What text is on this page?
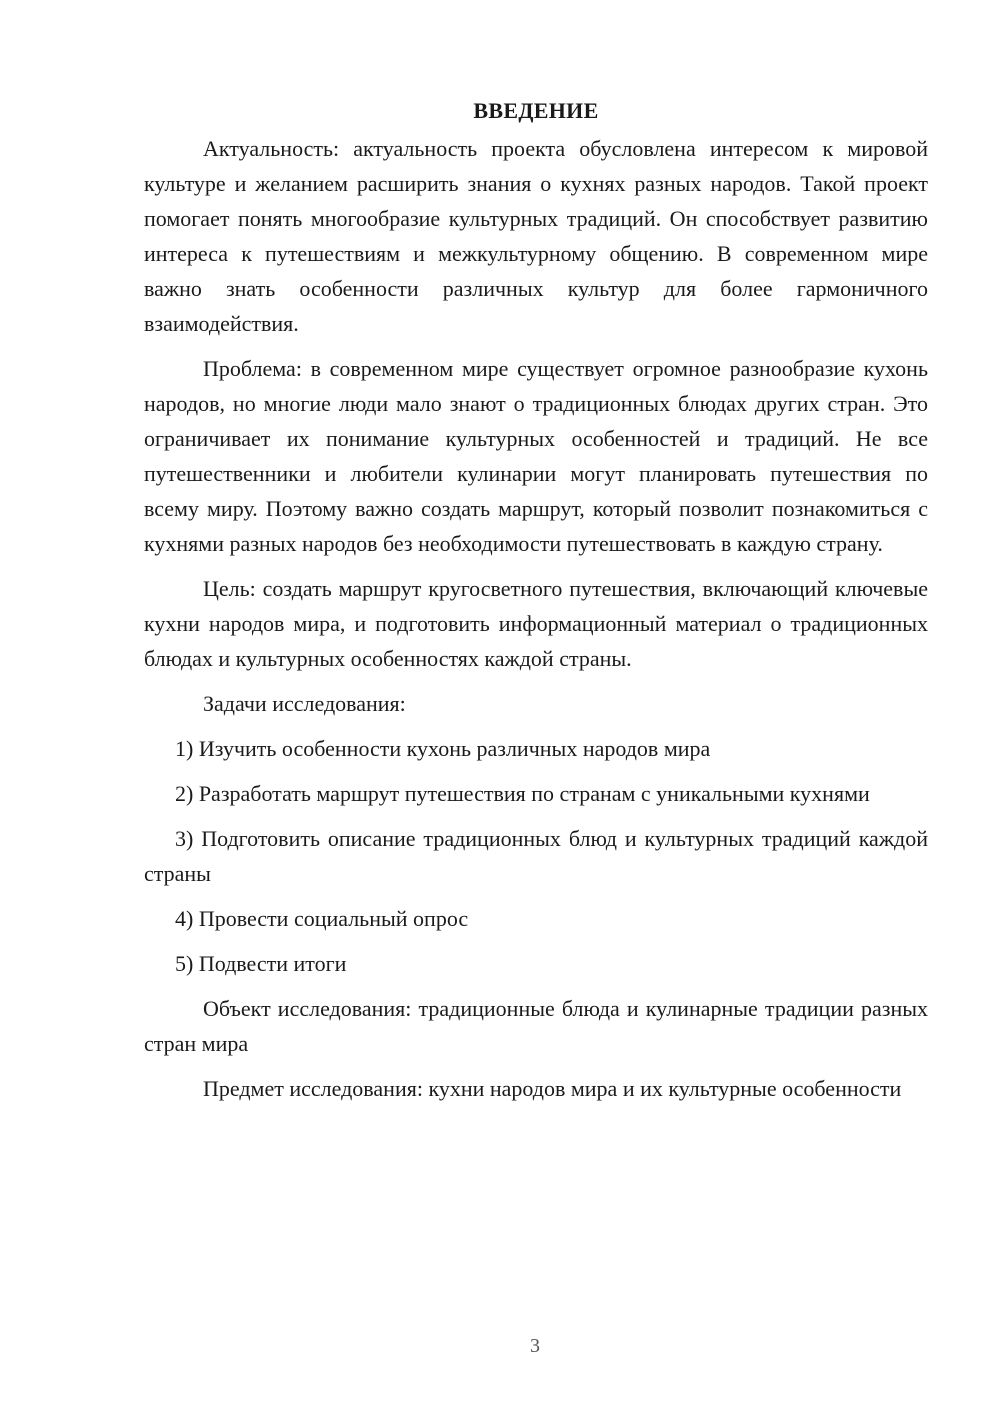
ВВЕДЕНИЕ

Актуальность: актуальность проекта обусловлена интересом к мировой культуре и желанием расширить знания о кухнях разных народов. Такой проект помогает понять многообразие культурных традиций. Он способствует развитию интереса к путешествиям и межкультурному общению. В современном мире важно знать особенности различных культур для более гармоничного взаимодействия.

Проблема: в современном мире существует огромное разнообразие кухонь народов, но многие люди мало знают о традиционных блюдах других стран. Это ограничивает их понимание культурных особенностей и традиций. Не все путешественники и любители кулинарии могут планировать путешествия по всему миру. Поэтому важно создать маршрут, который позволит познакомиться с кухнями разных народов без необходимости путешествовать в каждую страну.

Цель: создать маршрут кругосветного путешествия, включающий ключевые кухни народов мира, и подготовить информационный материал о традиционных блюдах и культурных особенностях каждой страны.

Задачи исследования:

1) Изучить особенности кухонь различных народов мира

2) Разработать маршрут путешествия по странам с уникальными кухнями

3) Подготовить описание традиционных блюд и культурных традиций каждой страны

4) Провести социальный опрос

5) Подвести итоги

Объект исследования: традиционные блюда и кулинарные традиции разных стран мира

Предмет исследования: кухни народов мира и их культурные особенности

3
